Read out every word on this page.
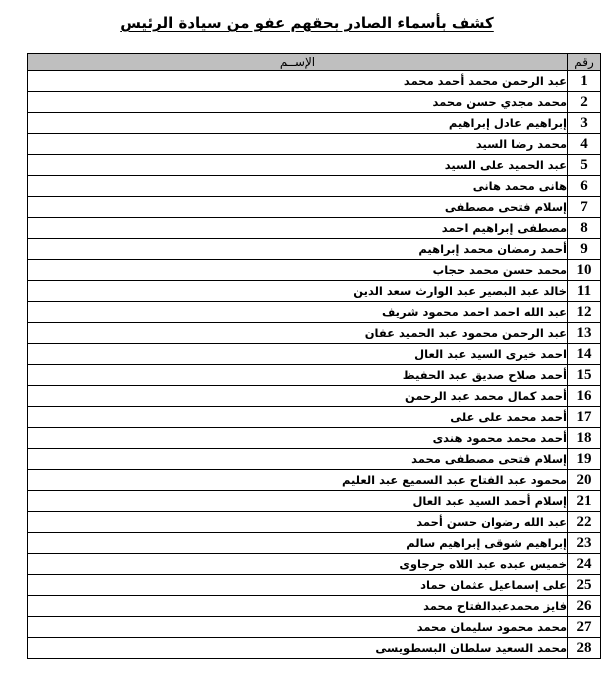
كشف بأسماء الصادر بحقهم عفو من سيادة الرئيس
رقم	الإســم
1	عبد الرحمن محمد أحمد محمد
2	محمد مجدي حسن محمد
3	إبراهيم عادل إبراهيم
4	محمد رضا السيد
5	عبد الحميد على السيد
6	هانى محمد هانى
7	إسلام فتحى مصطفى
8	مصطفى إبراهيم احمد
9	أحمد رمضان محمد إبراهيم
10	محمد حسن محمد حجاب
11	خالد عبد البصير عبد الوارث سعد الدين
12	عبد الله احمد احمد محمود شريف
13	عبد الرحمن محمود عبد الحميد عفان
14	احمد خيرى السيد عبد العال
15	أحمد صلاح صديق عبد الحفيظ
16	أحمد كمال محمد عبد الرحمن
17	أحمد محمد على على
18	أحمد محمد محمود هندى
19	إسلام فتحى مصطفى محمد
20	محمود عبد الفتاح عبد السميع عبد العليم
21	إسلام أحمد السيد عبد العال
22	عبد الله رضوان حسن أحمد
23	إبراهيم شوقى إبراهيم سالم
24	خميس عبده عبد اللاه جرجاوى
25	على إسماعيل عثمان حماد
26	فايز محمدعبدالفتاح محمد
27	محمد محمود سليمان محمد
28	محمد السعيد سلطان البسطويسى
